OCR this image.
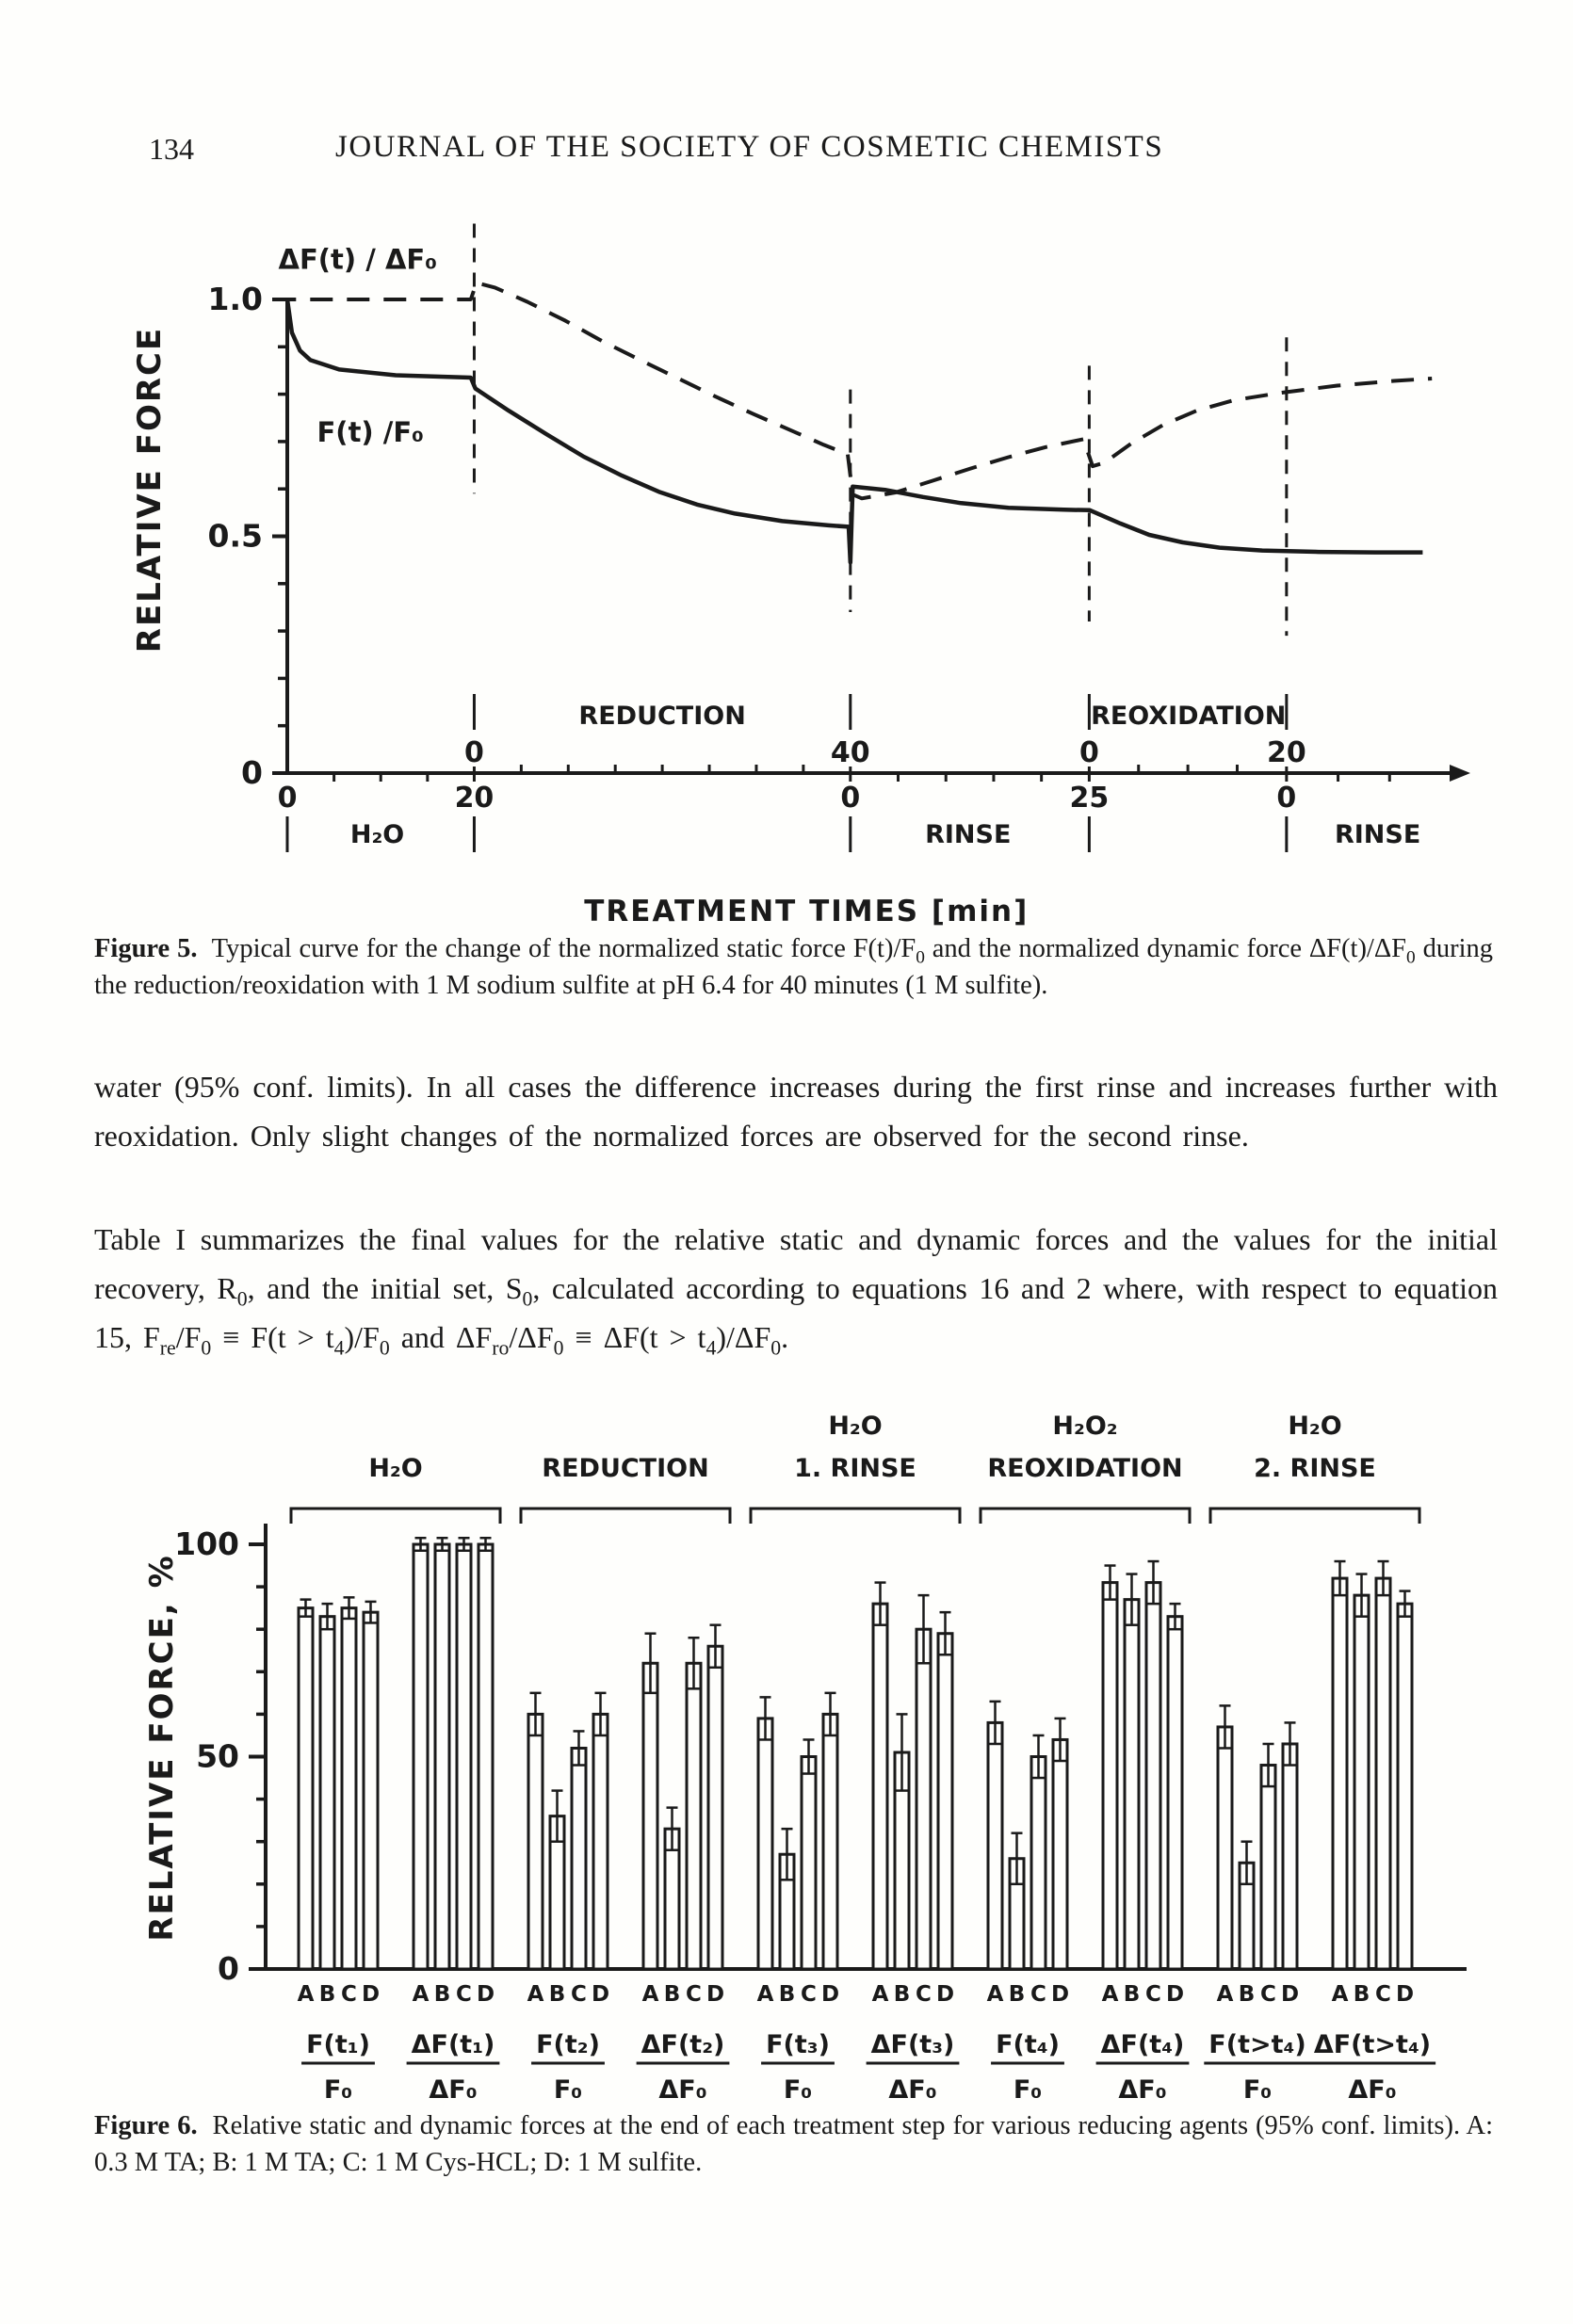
134	JOURNAL OF THE SOCIETY OF COSMETIC CHEMISTS
1.0
0.5
0
RELATIVE FORCE
0	40	0	20
REDUCTION	REOXIDATION
0	20	0	25	0
H₂O	RINSE	RINSE
F(t) /F₀
ΔF(t) / ΔF₀
TREATMENT TIMES [min]
Figure 5.  Typical curve for the change of the normalized static force $F(t)/F_0$ and the normalized dynamic force $\Delta F(t)/\Delta F_0$ during the reduction/reoxidation with 1 M sodium sulfite at pH 6.4 for 40 minutes (1 M sulfite).
water (95% conf. limits). In all cases the difference increases during the first rinse and increases further with reoxidation. Only slight changes of the normalized forces are observed for the second rinse.
Table I summarizes the final values for the relative static and dynamic forces and the values for the initial recovery, $R_0$, and the initial set, $S_0$, calculated according to equations 16 and 2 where, with respect to equation 15, $F_{re}/F_0 \equiv F(t > t_4)/F_0$ and $\Delta F_{ro}/\Delta F_0 \equiv \Delta F(t > t_4)/\Delta F_0$.
0
50
100
RELATIVE FORCE, %
H₂O	REDUCTION
H₂O
1. RINSE
H₂O₂
REOXIDATION
H₂O
2. RINSE
A B C D
F(t₁)
F₀
A B C D
ΔF(t₁)
ΔF₀
A B C D
F(t₂)
F₀
A B C D
ΔF(t₂)
ΔF₀
A B C D
F(t₃)
F₀
A B C D
ΔF(t₃)
ΔF₀
A B C D
F(t₄)
F₀
A B C D
ΔF(t₄)
ΔF₀
A B C D
F(t>t₄)
F₀
A B C D
ΔF(t>t₄)
ΔF₀
Figure 6.  Relative static and dynamic forces at the end of each treatment step for various reducing agents (95% conf. limits). A: 0.3 M TA; B: 1 M TA; C: 1 M Cys-HCL; D: 1 M sulfite.
